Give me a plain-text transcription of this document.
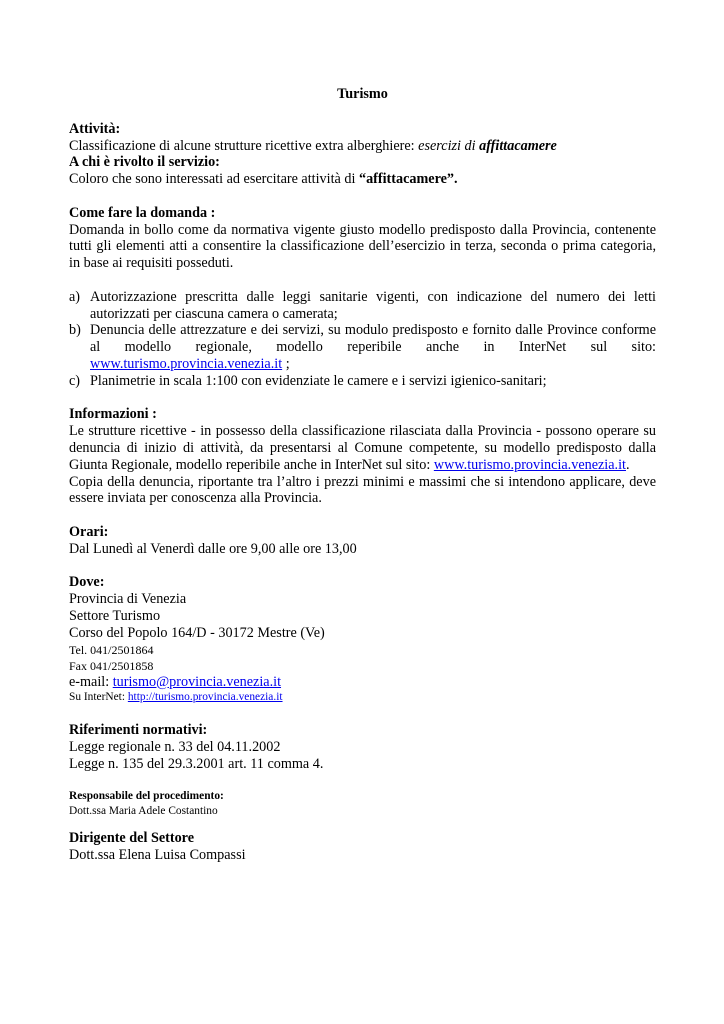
Turismo

Attività:

Classificazione di alcune strutture ricettive extra alberghiere: esercizi di affittacamere

A chi è rivolto il servizio:

Coloro che sono interessati ad esercitare attività di “affittacamere”.

Come fare la domanda :

Domanda in bollo come da normativa vigente giusto modello predisposto dalla Provincia, contenente tutti gli elementi atti a consentire la classificazione dell’esercizio in terza, seconda o prima categoria, in base ai requisiti posseduti.

a) Autorizzazione prescritta dalle leggi sanitarie vigenti, con indicazione del numero dei letti autorizzati per ciascuna camera o camerata;
b) Denuncia delle attrezzature e dei servizi, su modulo predisposto e fornito dalle Province conforme al modello regionale, modello reperibile anche in InterNet sul sito: www.turismo.provincia.venezia.it ;
c) Planimetrie in scala 1:100 con evidenziate le camere e i servizi igienico-sanitari;

Informazioni :

Le strutture ricettive - in possesso della classificazione rilasciata dalla Provincia - possono operare su denuncia di inizio di attività, da presentarsi al Comune competente, su modello predisposto dalla Giunta Regionale, modello reperibile anche in InterNet sul sito: www.turismo.provincia.venezia.it.

Copia della denuncia, riportante tra l’altro i prezzi minimi e massimi che si intendono applicare, deve essere inviata per conoscenza alla Provincia.

Orari:

Dal Lunedì al Venerdì dalle ore 9,00 alle ore 13,00

Dove:

Provincia di Venezia

Settore Turismo

Corso del Popolo 164/D - 30172 Mestre (Ve)

Tel. 041/2501864

Fax 041/2501858

e-mail: turismo@provincia.venezia.it

Su InterNet: http://turismo.provincia.venezia.it

Riferimenti normativi:

Legge regionale n. 33 del 04.11.2002

Legge n. 135 del 29.3.2001 art. 11 comma 4.

Responsabile del procedimento:

Dott.ssa Maria Adele Costantino

Dirigente del Settore

Dott.ssa Elena Luisa Compassi
